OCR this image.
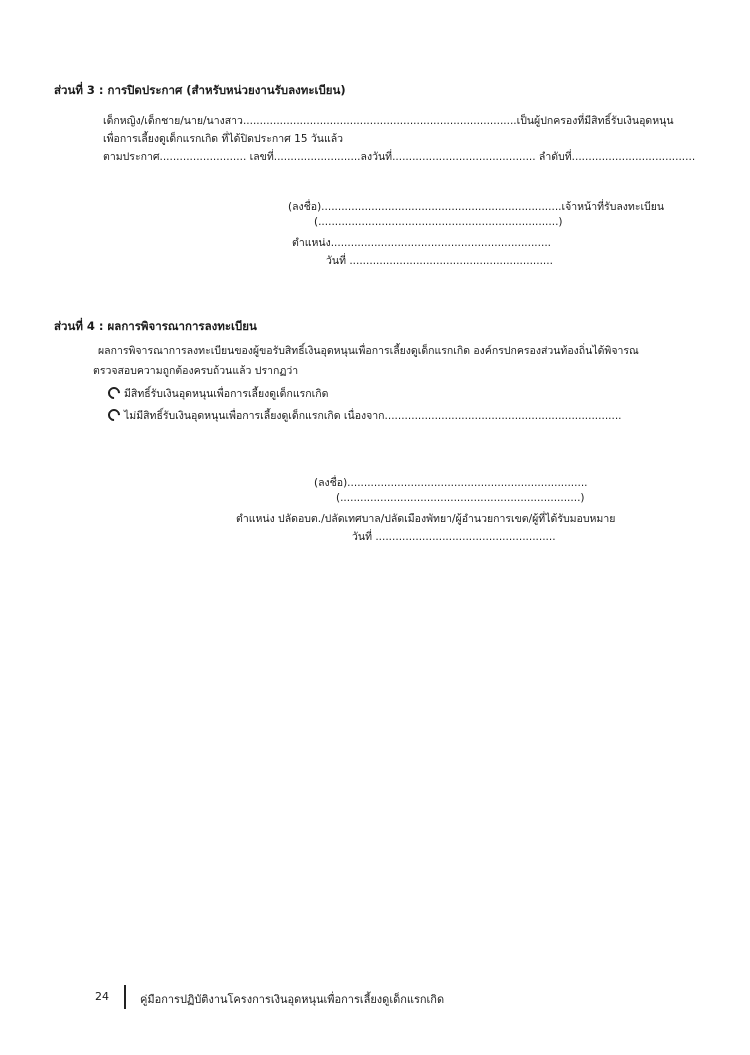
ส่วนที่ 3 : การปิดประกาศ (สำหรับหน่วยงานรับลงทะเบียน)
เด็กหญิง/เด็กชาย/นาย/นางสาว..................................................................................เป็นผู้ปกครองที่มีสิทธิ์รับเงินอุดหนุน
เพื่อการเลี้ยงดูเด็กแรกเกิด ที่ได้ปิดประกาศ 15 วันแล้ว
ตามประกาศ.......................... เลขที่..........................ลงวันที่........................................... ลำดับที่.....................................
(ลงชื่อ)........................................................................เจ้าหน้าที่รับลงทะเบียน
(........................................................................)
ตำแหน่ง..................................................................
วันที่ .............................................................
ส่วนที่ 4 : ผลการพิจารณาการลงทะเบียน
ผลการพิจารณาการลงทะเบียนของผู้ขอรับสิทธิ์เงินอุดหนุนเพื่อการเลี้ยงดูเด็กแรกเกิด องค์กรปกครองส่วนท้องถิ่นได้พิจารณ
ตรวจสอบความถูกต้องครบถ้วนแล้ว ปรากฏว่า
มีสิทธิ์รับเงินอุดหนุนเพื่อการเลี้ยงดูเด็กแรกเกิด
ไม่มีสิทธิ์รับเงินอุดหนุนเพื่อการเลี้ยงดูเด็กแรกเกิด เนื่องจาก.......................................................................
(ลงชื่อ)........................................................................
(........................................................................)
ตำแหน่ง ปลัดอบต./ปลัดเทศบาล/ปลัดเมืองพัทยา/ผู้อำนวยการเขต/ผู้ที่ได้รับมอบหมาย
วันที่ ......................................................
24	คู่มือการปฏิบัติงานโครงการเงินอุดหนุนเพื่อการเลี้ยงดูเด็กแรกเกิด
